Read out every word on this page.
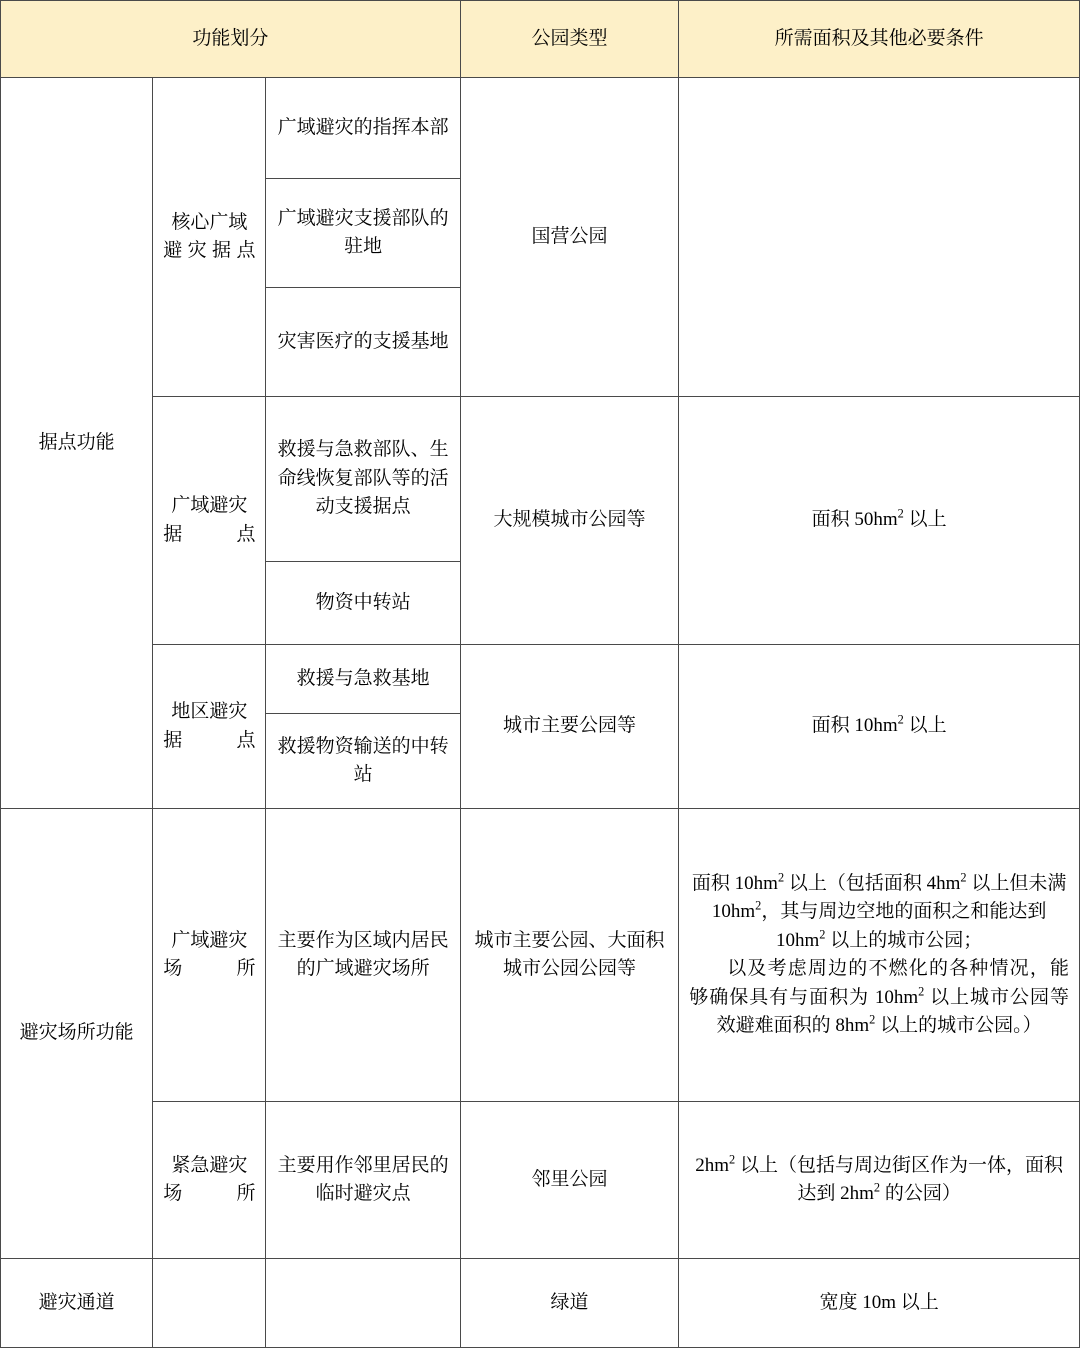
功能划分			公园类型	所需面积及其他必要条件
据点功能	核心广域避灾据点	广域避灾的指挥本部	国营公园	
		广域避灾支援部队的驻地		
		灾害医疗的支援基地		
	广域避灾据点	救援与急救部队、生命线恢复部队等的活动支援据点	大规模城市公园等	面积 $50hm^2$ 以上
		物资中转站		
	地区避灾据点	救援与急救基地	城市主要公园等	面积 $10hm^2$ 以上
		救援物资输送的中转站		
避灾场所功能	广域避灾场所	主要作为区域内居民的广域避灾场所	城市主要公园、大面积城市公园公园等	面积 $10hm^2$ 以上（包括面积 $4hm^2$ 以上但未满 $10hm^2$，其与周边空地的面积之和能达到 $10hm^2$ 以上的城市公园；
以及考虑周边的不燃化的各种情况，能够确保具有与面积为 $10hm^2$ 以上城市公园等效避难面积的 $8hm^2$ 以上的城市公园。）

	紧急避灾场所	主要用作邻里居民的临时避灾点	邻里公园	$2hm^2$ 以上（包括与周边街区作为一体，面积达到 $2hm^2$ 的公园）
避灾通道			绿道	宽度 10m 以上
